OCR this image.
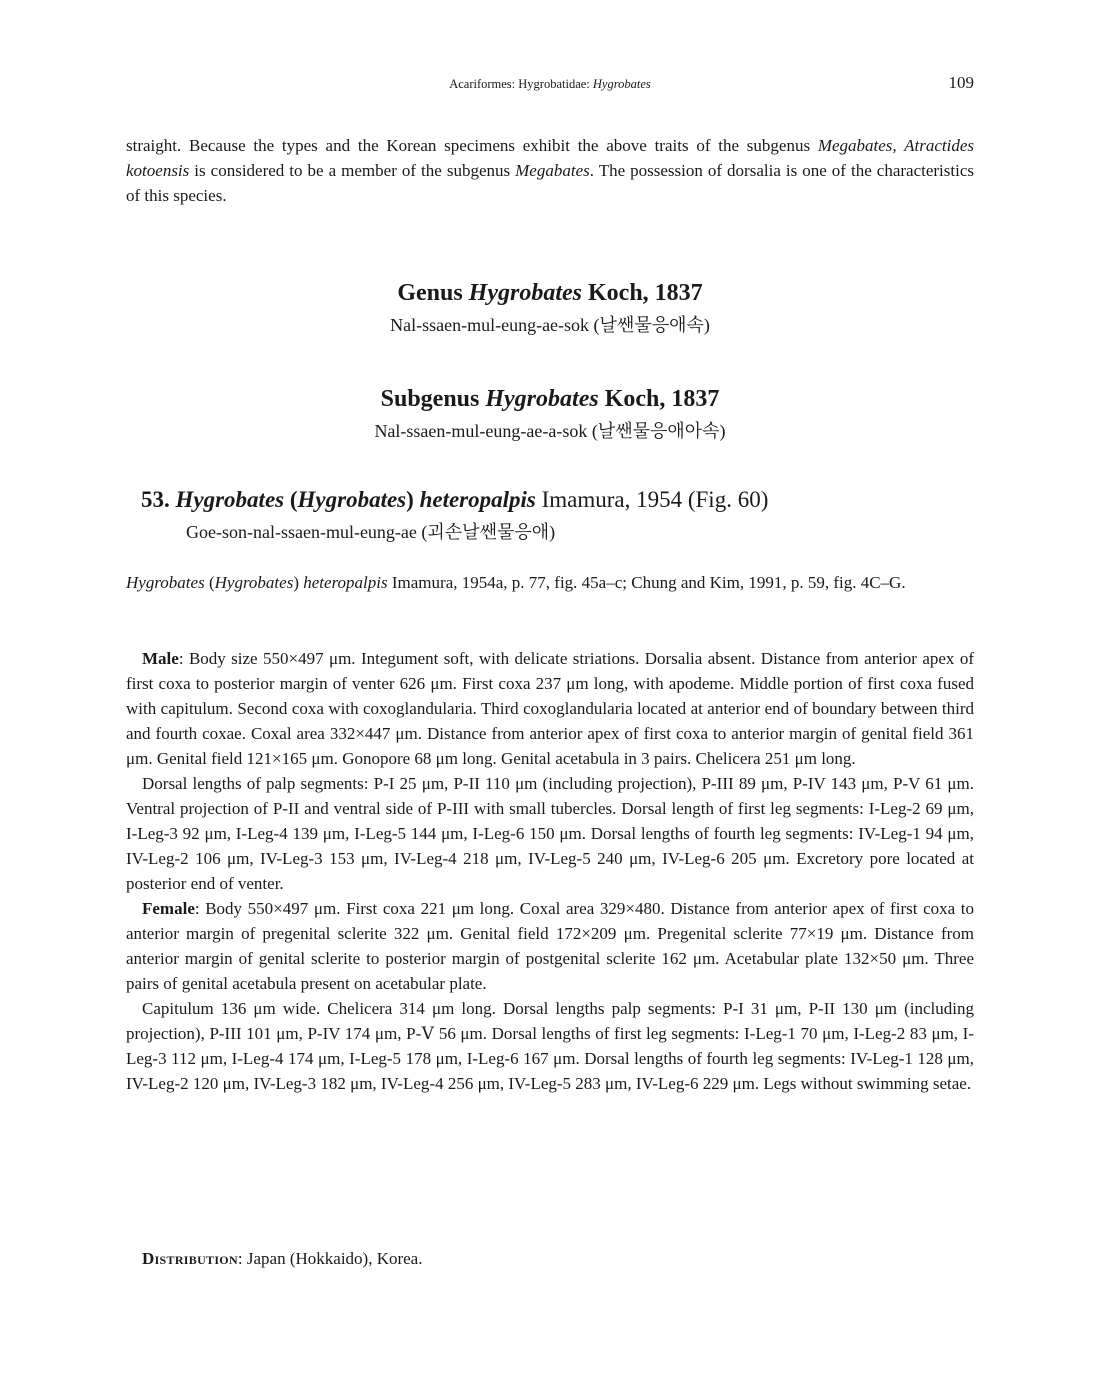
Acariformes: Hygrobatidae: Hygrobates	109
straight. Because the types and the Korean specimens exhibit the above traits of the subgenus Megabates, Atractides kotoensis is considered to be a member of the subgenus Megabates. The possession of dorsalia is one of the characteristics of this species.
Genus Hygrobates Koch, 1837
Nal-ssaen-mul-eung-ae-sok (날쌘물응애속)
Subgenus Hygrobates Koch, 1837
Nal-ssaen-mul-eung-ae-a-sok (날쌘물응애아속)
53. Hygrobates (Hygrobates) heteropalpis Imamura, 1954 (Fig. 60)
Goe-son-nal-ssaen-mul-eung-ae (괴손날쌘물응애)
Hygrobates (Hygrobates) heteropalpis Imamura, 1954a, p. 77, fig. 45a–c; Chung and Kim, 1991, p. 59, fig. 4C–G.

Male: Body size 550×497 μm. Integument soft, with delicate striations. Dorsalia absent. Distance from anterior apex of first coxa to posterior margin of venter 626 μm. First coxa 237 μm long, with apodeme. Middle portion of first coxa fused with capitulum. Second coxa with coxoglandularia. Third coxoglandularia located at anterior end of boundary between third and fourth coxae. Coxal area 332×447 μm. Distance from anterior apex of first coxa to anterior margin of genital field 361 μm. Genital field 121×165 μm. Gonopore 68 μm long. Genital acetabula in 3 pairs. Chelicera 251 μm long.

Dorsal lengths of palp segments: P-I 25 μm, P-II 110 μm (including projection), P-III 89 μm, P-IV 143 μm, P-V 61 μm. Ventral projection of P-II and ventral side of P-III with small tubercles. Dorsal length of first leg segments: I-Leg-2 69 μm, I-Leg-3 92 μm, I-Leg-4 139 μm, I-Leg-5 144 μm, I-Leg-6 150 μm. Dorsal lengths of fourth leg segments: IV-Leg-1 94 μm, IV-Leg-2 106 μm, IV-Leg-3 153 μm, IV-Leg-4 218 μm, IV-Leg-5 240 μm, IV-Leg-6 205 μm. Excretory pore located at posterior end of venter.

Female: Body 550×497 μm. First coxa 221 μm long. Coxal area 329×480. Distance from anterior apex of first coxa to anterior margin of pregenital sclerite 322 μm. Genital field 172×209 μm. Pregenital sclerite 77×19 μm. Distance from anterior margin of genital sclerite to posterior margin of postgenital sclerite 162 μm. Acetabular plate 132×50 μm. Three pairs of genital acetabula present on acetabular plate.

Capitulum 136 μm wide. Chelicera 314 μm long. Dorsal lengths palp segments: P-I 31 μm, P-II 130 μm (including projection), P-III 101 μm, P-IV 174 μm, P-Ⅴ 56 μm. Dorsal lengths of first leg segments: I-Leg-1 70 μm, I-Leg-2 83 μm, I-Leg-3 112 μm, I-Leg-4 174 μm, I-Leg-5 178 μm, I-Leg-6 167 μm. Dorsal lengths of fourth leg segments: IV-Leg-1 128 μm, IV-Leg-2 120 μm, IV-Leg-3 182 μm, IV-Leg-4 256 μm, IV-Leg-5 283 μm, IV-Leg-6 229 μm. Legs without swimming setae.

Distribution: Japan (Hokkaido), Korea.
